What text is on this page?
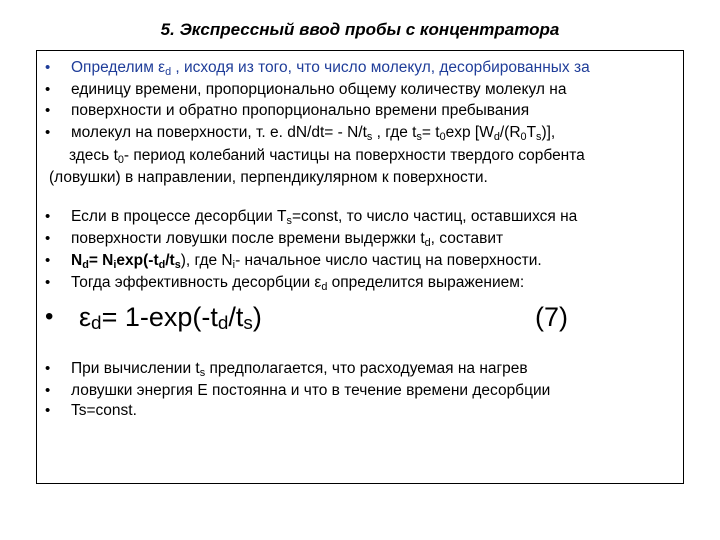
5. Экспрессный ввод пробы с концентратора
• Определим $\varepsilon_d$ , исходя из того, что число молекул, десорбированных за
• единицу времени, пропорционально общему количеству молекул на
• поверхности и обратно пропорционально времени пребывания
• молекул на поверхности, т. е. $dN/dt= - N/t_s$ , где $t_s= t_0\exp$ $[W_d/(R_0T_s)]$,
здесь $t_0-$ период колебаний частицы на поверхности твердого сорбента
(ловушки) в направлении, перпендикулярном к поверхности.
• Если в процессе десорбции $T_s=const$, то число частиц, оставшихся на
• поверхности ловушки после времени выдержки $t_d$, составит
• $N_d= N_i\exp(-t_d/t_s)$, где $N_i-$ начальное число частиц на поверхности.
• Тогда эффективность десорбции $\varepsilon_d$ определится выражением:
• $\varepsilon_d= 1-\exp(-t_d/t_s)$	(7)
• При вычислении $t_s$ предполагается, что расходуемая на нагрев
• ловушки энергия Е постоянна и что в течение времени десорбции
• Ts=const.
